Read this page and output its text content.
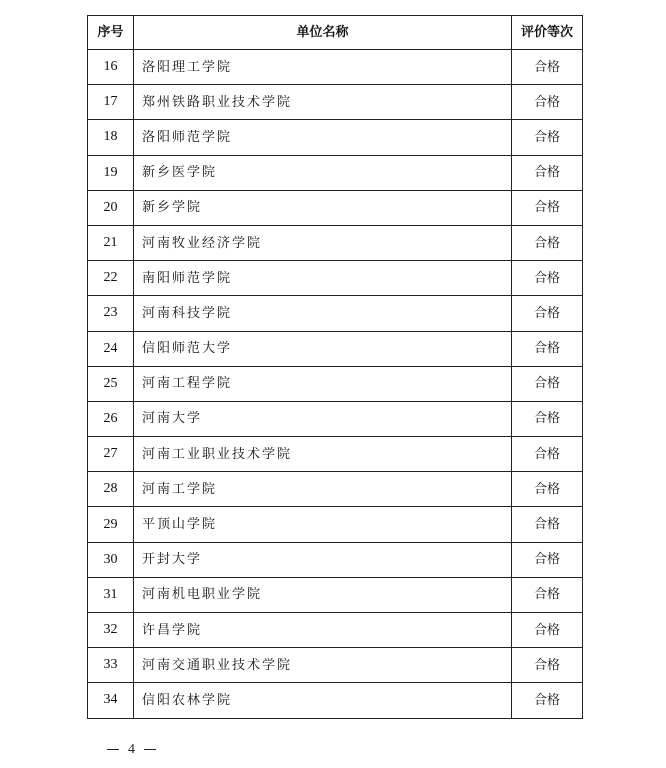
序号	单位名称	评价等次
16	洛阳理工学院	合格
17	郑州铁路职业技术学院	合格
18	洛阳师范学院	合格
19	新乡医学院	合格
20	新乡学院	合格
21	河南牧业经济学院	合格
22	南阳师范学院	合格
23	河南科技学院	合格
24	信阳师范大学	合格
25	河南工程学院	合格
26	河南大学	合格
27	河南工业职业技术学院	合格
28	河南工学院	合格
29	平顶山学院	合格
30	开封大学	合格
31	河南机电职业学院	合格
32	许昌学院	合格
33	河南交通职业技术学院	合格
34	信阳农林学院	合格
4
